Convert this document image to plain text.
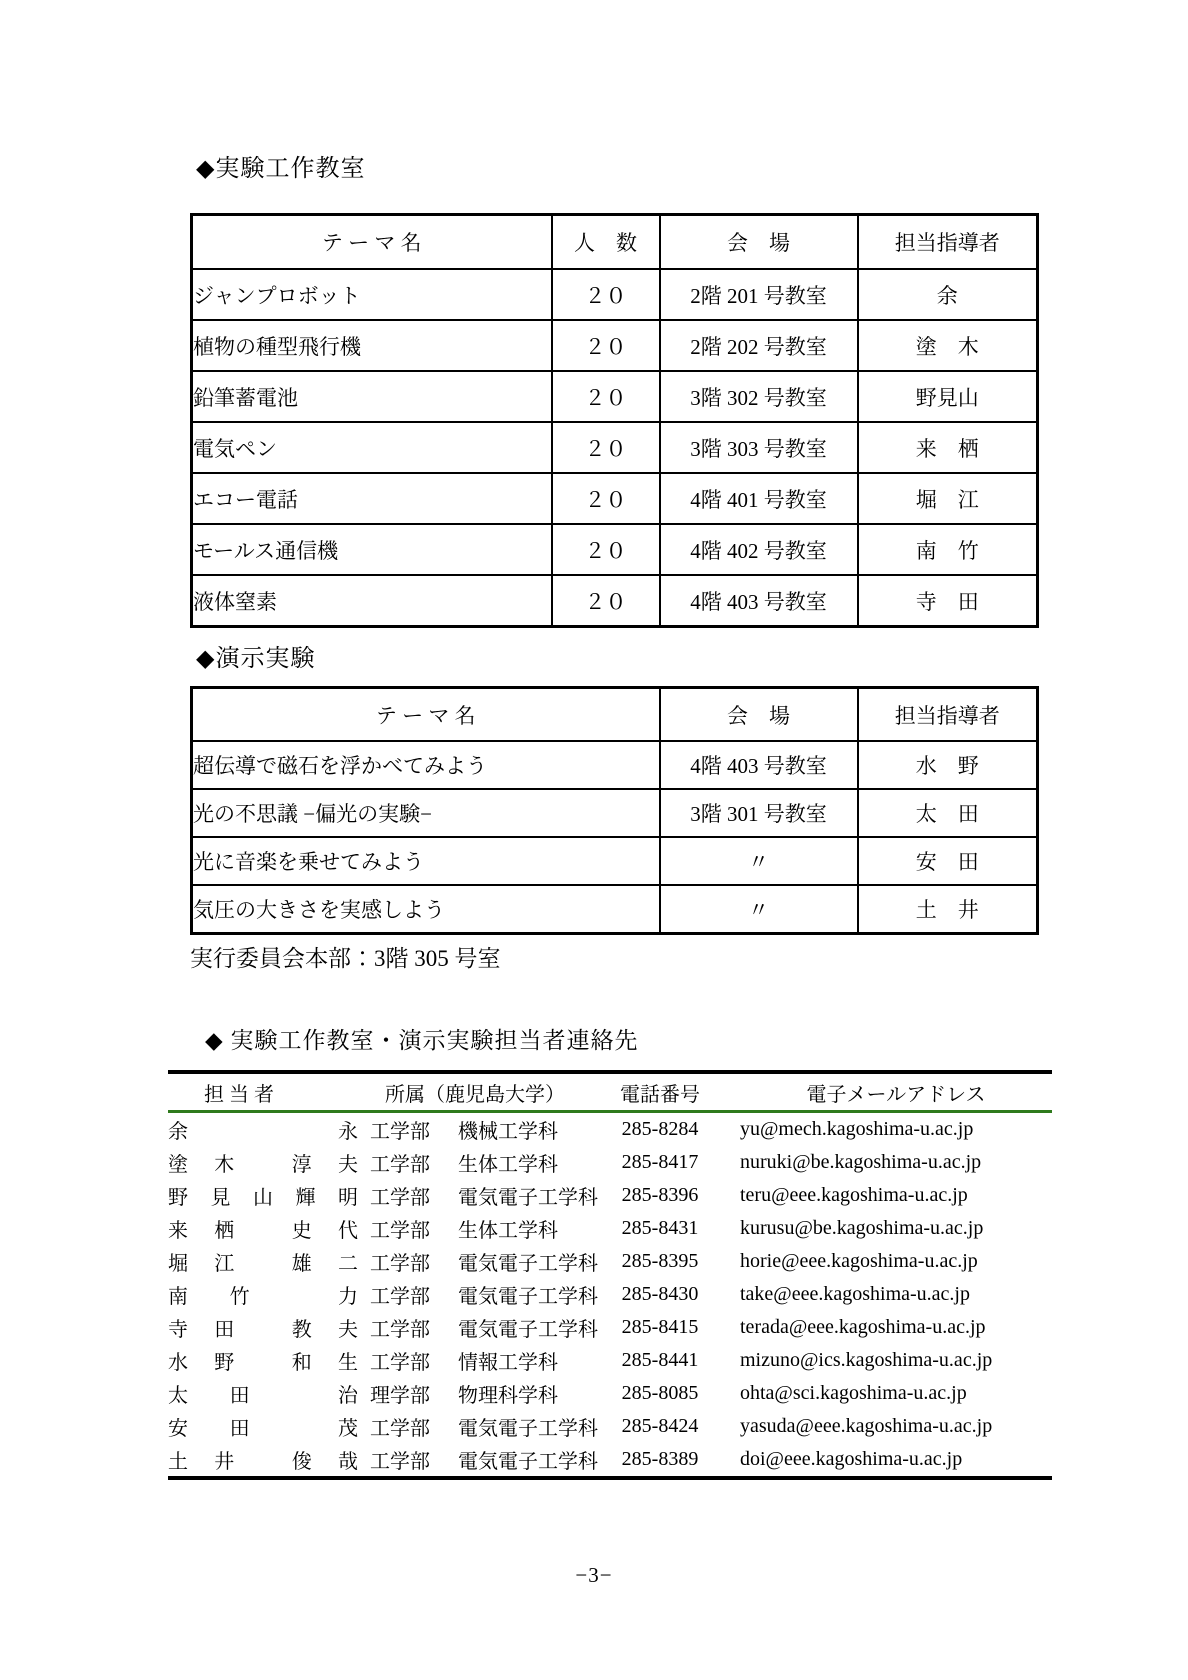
◆実験工作教室
テ ー マ 名	人　数	会　場	担当指導者
ジャンプロボット	２０	2階 201 号教室	余
植物の種型飛行機	２０	2階 202 号教室	塗　木
鉛筆蓄電池	２０	3階 302 号教室	野見山
電気ペン	２０	3階 303 号教室	来　栖
エコー電話	２０	4階 401 号教室	堀　江
モールス通信機	２０	4階 402 号教室	南　竹
液体窒素	２０	4階 403 号教室	寺　田
◆演示実験
テ ー マ 名	会　場	担当指導者
超伝導で磁石を浮かべてみよう	4階 403 号教室	水　野
光の不思議 −偏光の実験−	3階 301 号教室	太　田
光に音楽を乗せてみよう	〃	安　田
気圧の大きさを実感しよう	〃	土　井
実行委員会本部：3階 305 号室
◆ 実験工作教室・演示実験担当者連絡先
担 当 者	所属（鹿児島大学）	電話番号	電子メールアドレス
余 永	工学部 機械工学科	285-8284	yu@mech.kagoshima-u.ac.jp
塗木 淳夫	工学部 生体工学科	285-8417	nuruki@be.kagoshima-u.ac.jp
野見山輝明	工学部 電気電子工学科	285-8396	teru@eee.kagoshima-u.ac.jp
来栖 史代	工学部 生体工学科	285-8431	kurusu@be.kagoshima-u.ac.jp
堀江 雄二	工学部 電気電子工学科	285-8395	horie@eee.kagoshima-u.ac.jp
南竹 力	工学部 電気電子工学科	285-8430	take@eee.kagoshima-u.ac.jp
寺田 教夫	工学部 電気電子工学科	285-8415	terada@eee.kagoshima-u.ac.jp
水野 和生	工学部 情報工学科	285-8441	mizuno@ics.kagoshima-u.ac.jp
太田 治	理学部 物理科学科	285-8085	ohta@sci.kagoshima-u.ac.jp
安田 茂	工学部 電気電子工学科	285-8424	yasuda@eee.kagoshima-u.ac.jp
土井 俊哉	工学部 電気電子工学科	285-8389	doi@eee.kagoshima-u.ac.jp
−3−
